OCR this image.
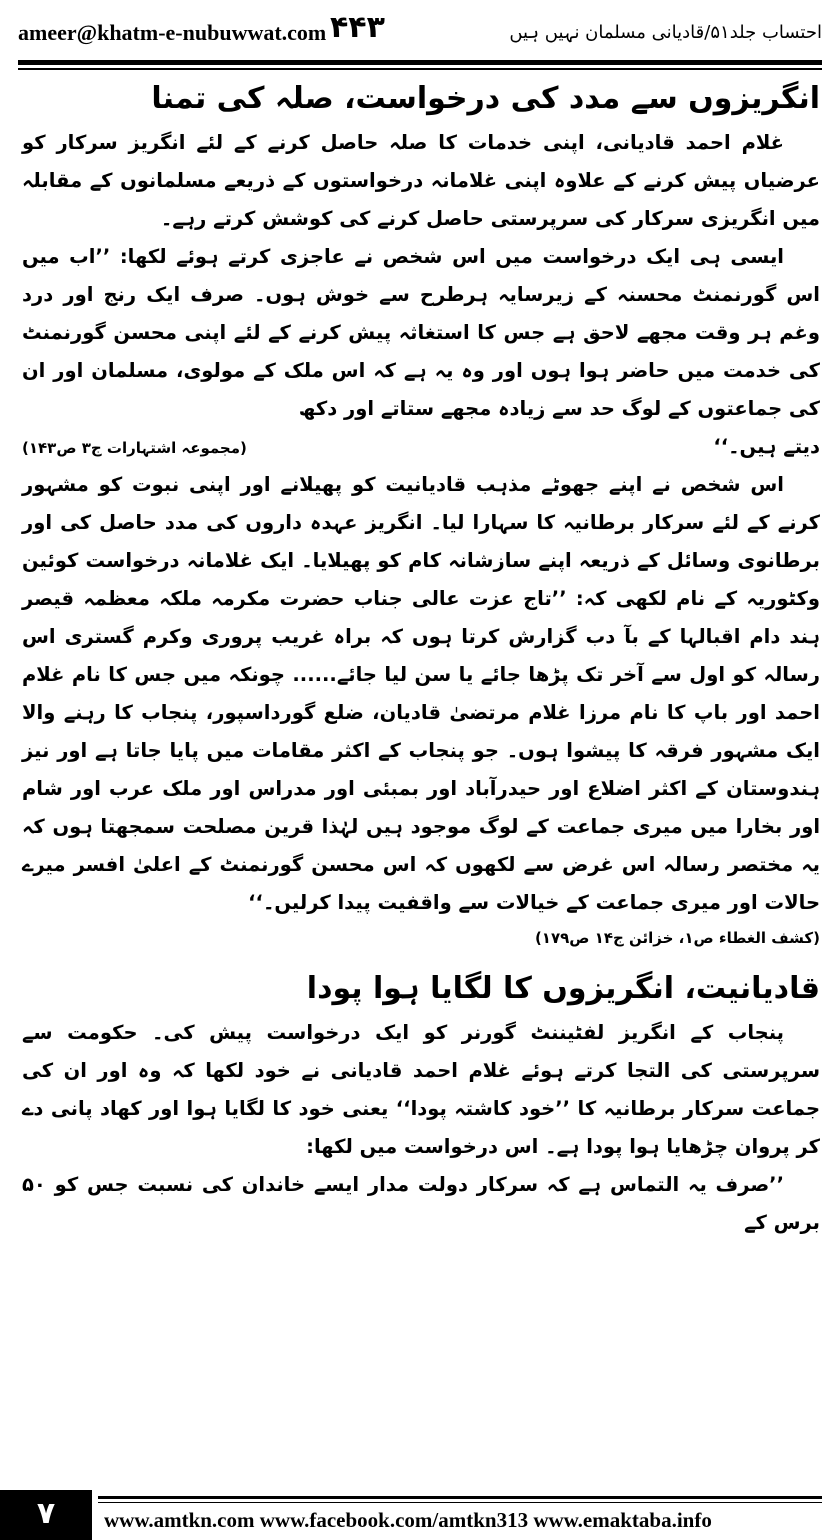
ameer@khatm-e-nubuwwat.com ۴۴۳	احتساب جلد۵۱/قادیانی مسلمان نہیں ہیں
انگریزوں سے مدد کی درخواست، صلہ کی تمنا

غلام احمد قادیانی، اپنی خدمات کا صلہ حاصل کرنے کے لئے انگریز سرکار کو عرضیاں پیش کرنے کے علاوہ اپنی غلامانہ درخواستوں کے ذریعے مسلمانوں کے مقابلہ میں انگریزی سرکار کی سرپرستی حاصل کرنے کی کوشش کرتے رہے۔

ایسی ہی ایک درخواست میں اس شخص نے عاجزی کرتے ہوئے لکھا: ’’اب میں اس گورنمنٹ محسنہ کے زیرسایہ ہرطرح سے خوش ہوں۔ صرف ایک رنج اور درد وغم ہر وقت مجھے لاحق ہے جس کا استغاثہ پیش کرنے کے لئے اپنی محسن گورنمنٹ کی خدمت میں حاضر ہوا ہوں اور وہ یہ ہے کہ اس ملک کے مولوی، مسلمان اور ان کی جماعتوں کے لوگ حد سے زیادہ مجھے ستاتے اور دکھ

دیتے ہیں۔‘‘
(مجموعہ اشتہارات ج۳ ص۱۴۳)

اس شخص نے اپنے جھوٹے مذہب قادیانیت کو پھیلانے اور اپنی نبوت کو مشہور کرنے کے لئے سرکار برطانیہ کا سہارا لیا۔ انگریز عہدہ داروں کی مدد حاصل کی اور برطانوی وسائل کے ذریعہ اپنے سازشانہ کام کو پھیلایا۔ ایک غلامانہ درخواست کوئین وکٹوریہ کے نام لکھی کہ: ’’تاج عزت عالی جناب حضرت مکرمہ ملکہ معظمہ قیصر ہند دام اقبالہا کے بآ دب گزارش کرتا ہوں کہ براہ غریب پروری وکرم گستری اس رسالہ کو اول سے آخر تک پڑھا جائے یا سن لیا جائے...... چونکہ میں جس کا نام غلام احمد اور باپ کا نام مرزا غلام مرتضیٰ قادیان، ضلع گورداسپور، پنجاب کا رہنے والا ایک مشہور فرقہ کا پیشوا ہوں۔ جو پنجاب کے اکثر مقامات میں پایا جاتا ہے اور نیز ہندوستان کے اکثر اضلاع اور حیدرآباد اور بمبئی اور مدراس اور ملک عرب اور شام اور بخارا میں میری جماعت کے لوگ موجود ہیں لہٰذا قرین مصلحت سمجھتا ہوں کہ یہ مختصر رسالہ اس غرض سے لکھوں کہ اس محسن گورنمنٹ کے اعلیٰ افسر میرے حالات اور میری جماعت کے خیالات سے واقفیت پیدا کرلیں۔‘‘

(کشف الغطاء ص۱، خزائن ج۱۴ ص۱۷۹)
قادیانیت، انگریزوں کا لگایا ہوا پودا

پنجاب کے انگریز لفٹیننٹ گورنر کو ایک درخواست پیش کی۔ حکومت سے سرپرستی کی التجا کرتے ہوئے غلام احمد قادیانی نے خود لکھا کہ وہ اور ان کی جماعت سرکار برطانیہ کا ’’خود کاشتہ پودا‘‘ یعنی خود کا لگایا ہوا اور کھاد پانی دے کر پروان چڑھایا ہوا پودا ہے۔ اس درخواست میں لکھا:

’’صرف یہ التماس ہے کہ سرکار دولت مدار ایسے خاندان کی نسبت جس کو ۵۰ برس کے

۷	www.amtkn.com www.facebook.com/amtkn313 www.emaktaba.info
